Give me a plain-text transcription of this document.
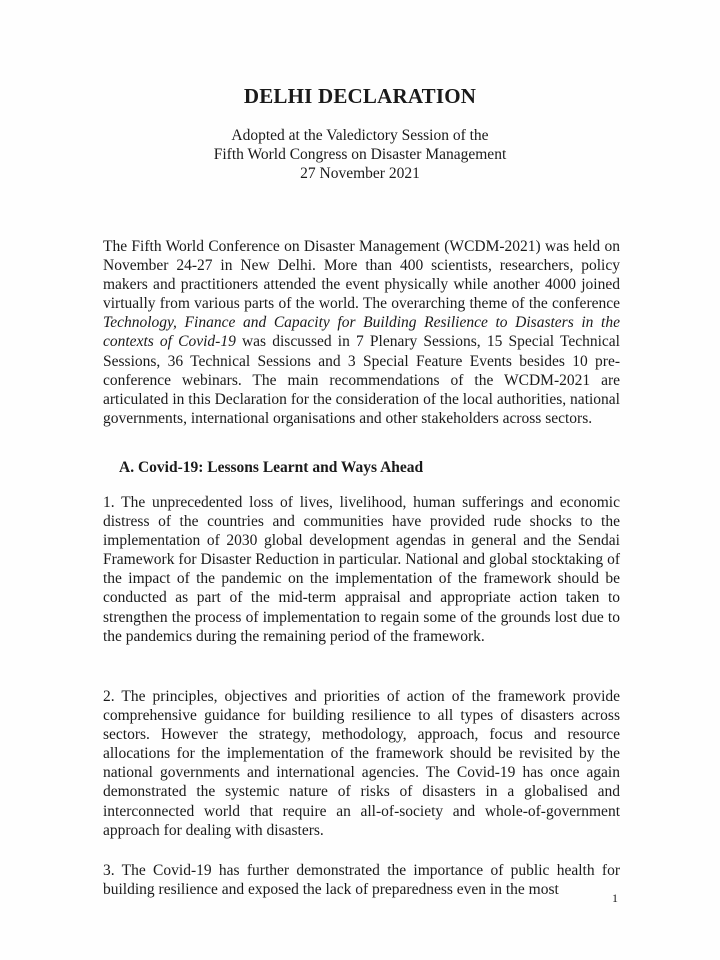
DELHI DECLARATION
Adopted at the Valedictory Session of the
Fifth World Congress on Disaster Management
27 November 2021

The Fifth World Conference on Disaster Management (WCDM-2021) was held on November 24-27 in New Delhi. More than 400 scientists, researchers, policy makers and practitioners attended the event physically while another 4000 joined virtually from various parts of the world. The overarching theme of the conference Technology, Finance and Capacity for Building Resilience to Disasters in the contexts of Covid-19 was discussed in 7 Plenary Sessions, 15 Special Technical Sessions, 36 Technical Sessions and 3 Special Feature Events besides 10 pre-conference webinars. The main recommendations of the WCDM-2021 are articulated in this Declaration for the consideration of the local authorities, national governments, international organisations and other stakeholders across sectors.

A. Covid-19: Lessons Learnt and Ways Ahead

1. The unprecedented loss of lives, livelihood, human sufferings and economic distress of the countries and communities have provided rude shocks to the implementation of 2030 global development agendas in general and the Sendai Framework for Disaster Reduction in particular. National and global stocktaking of the impact of the pandemic on the implementation of the framework should be conducted as part of the mid-term appraisal and appropriate action taken to strengthen the process of implementation to regain some of the grounds lost due to the pandemics during the remaining period of the framework.

2. The principles, objectives and priorities of action of the framework provide comprehensive guidance for building resilience to all types of disasters across sectors. However the strategy, methodology, approach, focus and resource allocations for the implementation of the framework should be revisited by the national governments and international agencies. The Covid-19 has once again demonstrated the systemic nature of risks of disasters in a globalised and interconnected world that require an all-of-society and whole-of-government approach for dealing with disasters.

3. The Covid-19 has further demonstrated the importance of public health for building resilience and exposed the lack of preparedness even in the most	1
